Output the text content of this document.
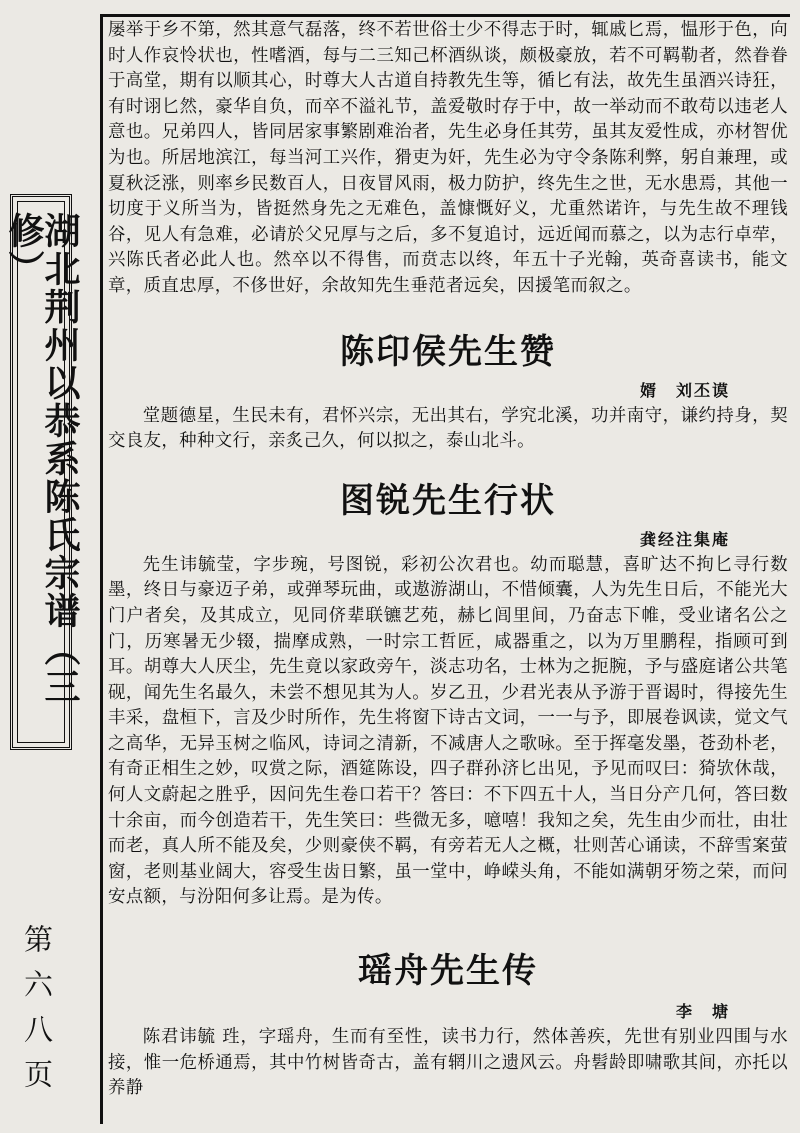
湖北荆州以恭系陈氏宗谱（三修）
第六八页

屡举于乡不第，然其意气磊落，终不若世俗士少不得志于时，辄戚匕焉，愠形于色，向时人作哀怜状也，性嗜酒，每与二三知己杯酒纵谈，颇极豪放，若不可羁勒者，然眷眷于高堂，期有以顺其心，时尊大人古道自持教先生等，循匕有法，故先生虽酒兴诗狂，有时诩匕然，豪华自负，而卒不溢礼节，盖爱敬时存于中，故一举动而不敢苟以违老人意也。兄弟四人，皆同居家事繁剧难治者，先生必身任其劳，虽其友爱性成，亦材智优为也。所居地滨江，每当河工兴作，猾吏为奸，先生必为守令条陈利弊，躬自兼理，或夏秋泛涨，则率乡民数百人，日夜冒风雨，极力防护，终先生之世，无水患焉，其他一切度于义所当为，皆挺然身先之无难色，盖慷慨好义，尤重然诺许，与先生故不理钱谷，见人有急难，必请於父兄厚与之后，多不复追讨，远近闻而慕之，以为志行卓荦，兴陈氏者必此人也。然卒以不得售，而贲志以终，年五十子光翰，英奇喜读书，能文章，质直忠厚，不侈世好，余故知先生垂范者远矣，因援笔而叙之。

陈印侯先生赞

婿　刘丕谟

堂题德星，生民未有，君怀兴宗，无出其右，学究北溪，功并南守，谦约持身，契交良友，种种文行，亲炙己久，何以拟之，泰山北斗。

图锐先生行状

龚经注集庵

先生讳毓莹，字步琬，号图锐，彩初公次君也。幼而聪慧，喜旷达不拘匕寻行数墨，终日与豪迈子弟，或弹琴玩曲，或遨游湖山，不惜倾囊，人为先生日后，不能光大门户者矣，及其成立，见同侪辈联镳艺苑，赫匕闾里间，乃奋志下帷，受业诸名公之门，历寒暑无少辍，揣摩成熟，一时宗工哲匠，咸器重之，以为万里鹏程，指顾可到耳。胡尊大人厌尘，先生竟以家政旁午，淡志功名，士林为之扼腕，予与盛庭诸公共笔砚，闻先生名最久，未尝不想见其为人。岁乙丑，少君光表从予游于晋谒时，得接先生丰采，盘桓下，言及少时所作，先生将窗下诗古文词，一一与予，即展卷讽读，觉文气之高华，无异玉树之临风，诗词之清新，不减唐人之歌咏。至于挥毫发墨，苍劲朴老，有奇正相生之妙，叹赏之际，酒筵陈设，四子群孙济匕出见，予见而叹曰：猗欤休哉，何人文蔚起之胜乎，因问先生卷口若干？答曰：不下四五十人，当日分产几何，答曰数十余亩，而今创造若干，先生笑曰：些微无多，噫嘻！我知之矣，先生由少而壮，由壮而老，真人所不能及矣，少则豪侠不羁，有旁若无人之概，壮则苦心诵读，不辞雪案萤窗，老则基业阔大，容受生齿日繁，虽一堂中，峥嵘头角，不能如满朝牙笏之荣，而问安点额，与汾阳何多让焉。是为传。

瑶舟先生传

李　塘

陈君讳毓 珄，字瑶舟，生而有至性，读书力行，然体善疾，先世有别业四围与水接，惟一危桥通焉，其中竹树皆奇古，盖有辋川之遗风云。舟髫龄即啸歌其间，亦托以养静
